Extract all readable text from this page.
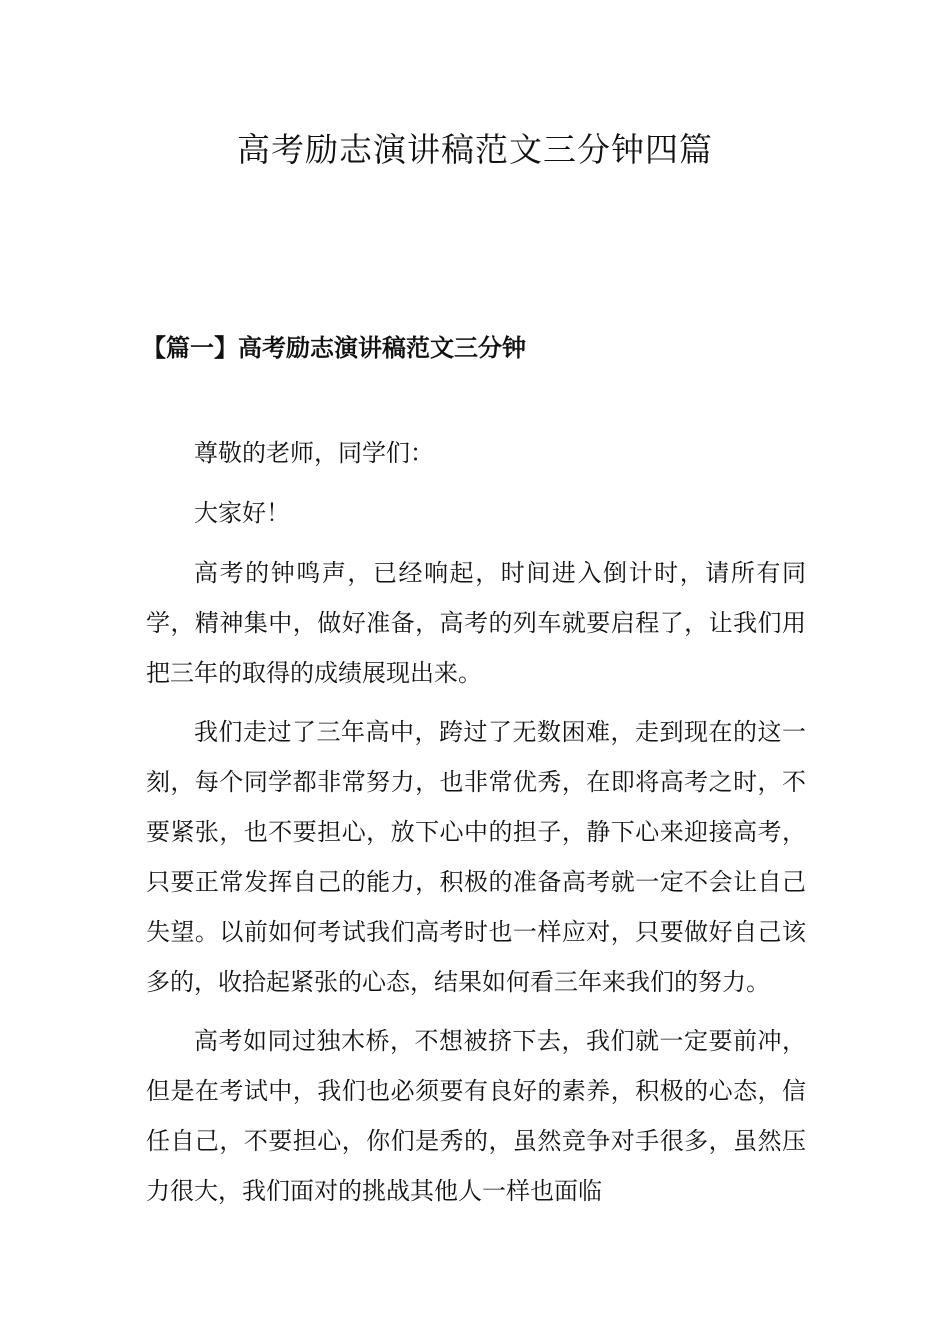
高考励志演讲稿范文三分钟四篇
【篇一】高考励志演讲稿范文三分钟

尊敬的老师，同学们：

大家好！

高考的钟鸣声，已经响起，时间进入倒计时，请所有同学，精神集中，做好准备，高考的列车就要启程了，让我们用把三年的取得的成绩展现出来。

我们走过了三年高中，跨过了无数困难，走到现在的这一刻，每个同学都非常努力，也非常优秀，在即将高考之时，不要紧张，也不要担心，放下心中的担子，静下心来迎接高考，只要正常发挥自己的能力，积极的准备高考就一定不会让自己失望。以前如何考试我们高考时也一样应对，只要做好自己该多的，收拾起紧张的心态，结果如何看三年来我们的努力。

高考如同过独木桥，不想被挤下去，我们就一定要前冲，但是在考试中，我们也必须要有良好的素养，积极的心态，信任自己，不要担心，你们是秀的，虽然竞争对手很多，虽然压力很大，我们面对的挑战其他人一样也面临
